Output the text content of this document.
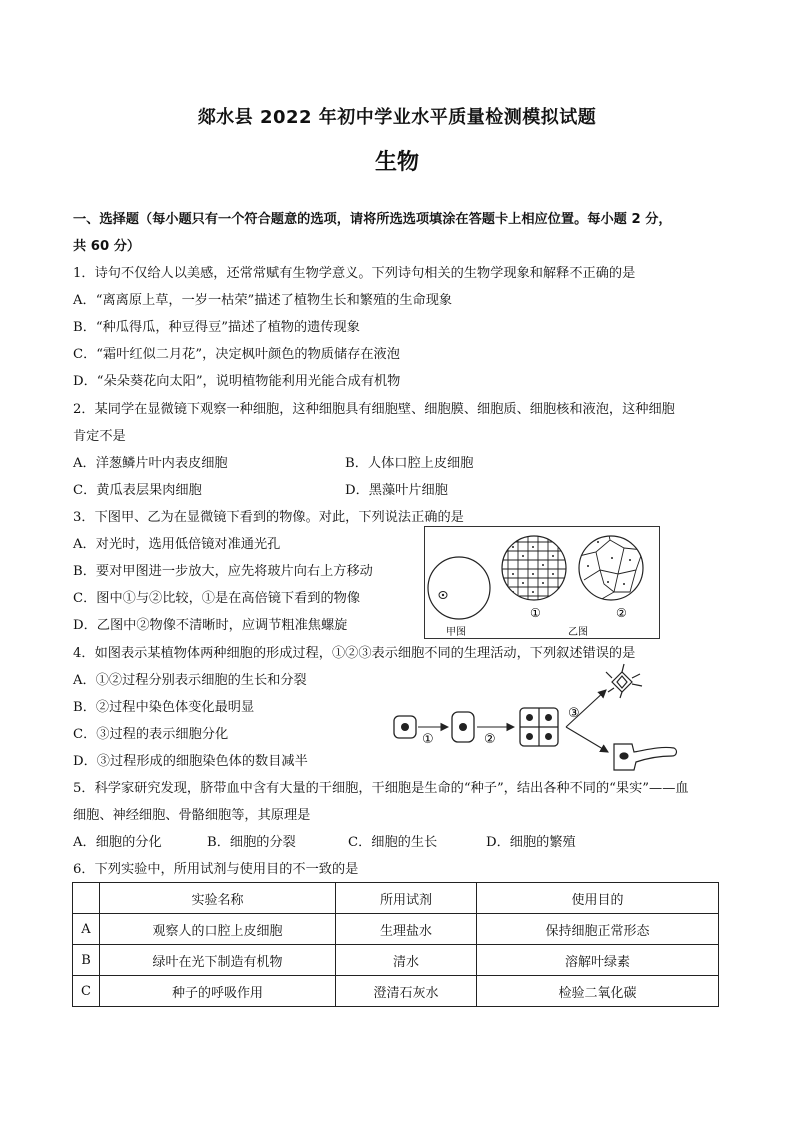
郯水县 2022 年初中学业水平质量检测模拟试题
生物
一、选择题（每小题只有一个符合题意的选项，请将所选选项填涂在答题卡上相应位置。每小题 2 分，
共 60 分）
1．诗句不仅给人以美感，还常常赋有生物学意义。下列诗句相关的生物学现象和解释不正确的是
A．“离离原上草，一岁一枯荣”描述了植物生长和繁殖的生命现象
B．“种瓜得瓜，种豆得豆”描述了植物的遗传现象
C．“霜叶红似二月花”，决定枫叶颜色的物质储存在液泡
D．“朵朵葵花向太阳”，说明植物能利用光能合成有机物
2．某同学在显微镜下观察一种细胞，这种细胞具有细胞壁、细胞膜、细胞质、细胞核和液泡，这种细胞
肯定不是
A．洋葱鳞片叶内表皮细胞	B．人体口腔上皮细胞
C．黄瓜表层果肉细胞	D．黑藻叶片细胞
3．下图甲、乙为在显微镜下看到的物像。对此，下列说法正确的是
A．对光时，选用低倍镜对准通光孔
B．要对甲图进一步放大，应先将玻片向右上方移动
C．图中①与②比较，①是在高倍镜下看到的物像
D．乙图中②物像不清晰时，应调节粗准焦螺旋
①	②
甲图	乙图
4．如图表示某植物体两种细胞的形成过程，①②③表示细胞不同的生理活动，下列叙述错误的是
A．①②过程分别表示细胞的生长和分裂
B．②过程中染色体变化最明显
C．③过程的表示细胞分化
D．③过程形成的细胞染色体的数目减半
①	②
③
5．科学家研究发现，脐带血中含有大量的干细胞，干细胞是生命的“种子”，结出各种不同的“果实”——血
细胞、神经细胞、骨骼细胞等，其原理是
A．细胞的分化	B．细胞的分裂	C．细胞的生长	D．细胞的繁殖
6．下列实验中，所用试剂与使用目的不一致的是
	实验名称	所用试剂	使用目的
A	观察人的口腔上皮细胞	生理盐水	保持细胞正常形态
B	绿叶在光下制造有机物	清水	溶解叶绿素
C	种子的呼吸作用	澄清石灰水	检验二氧化碳
